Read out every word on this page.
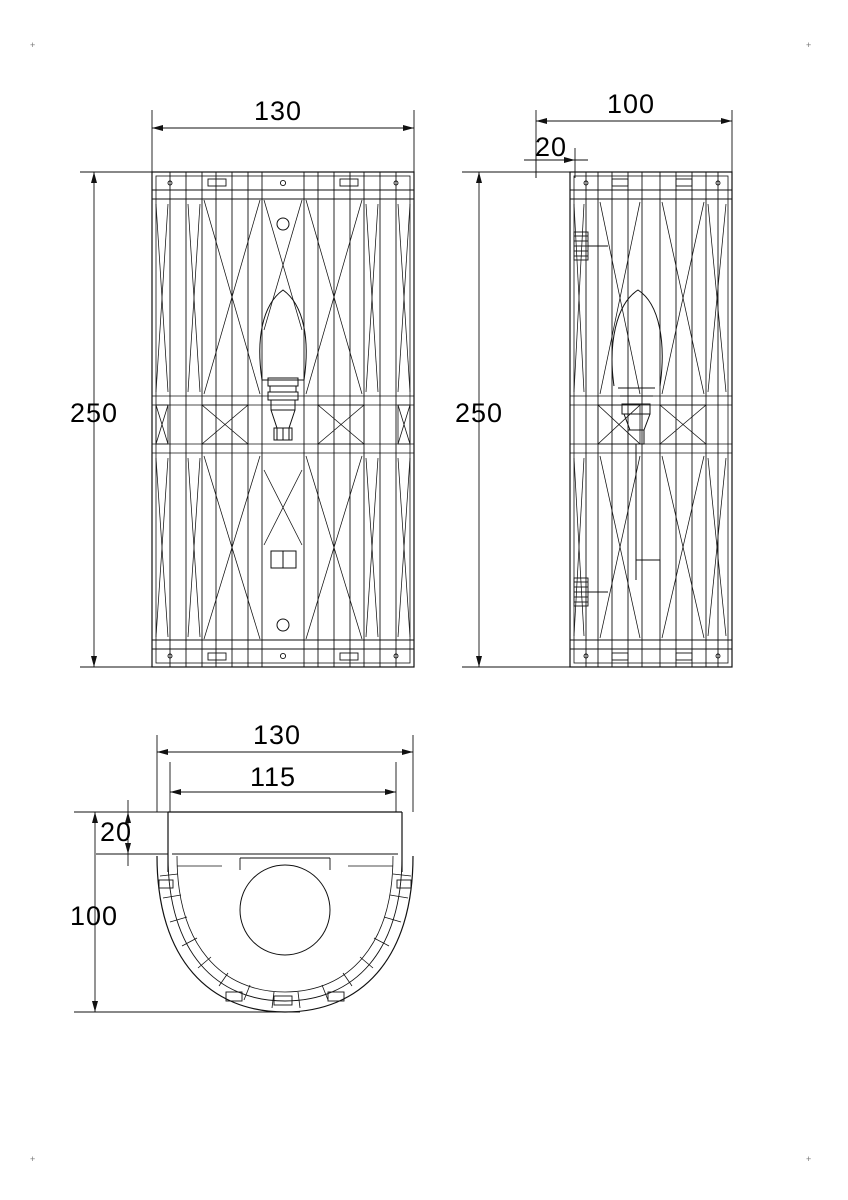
130
250
100
20
250
130
115
20
100
+	+
+	+
